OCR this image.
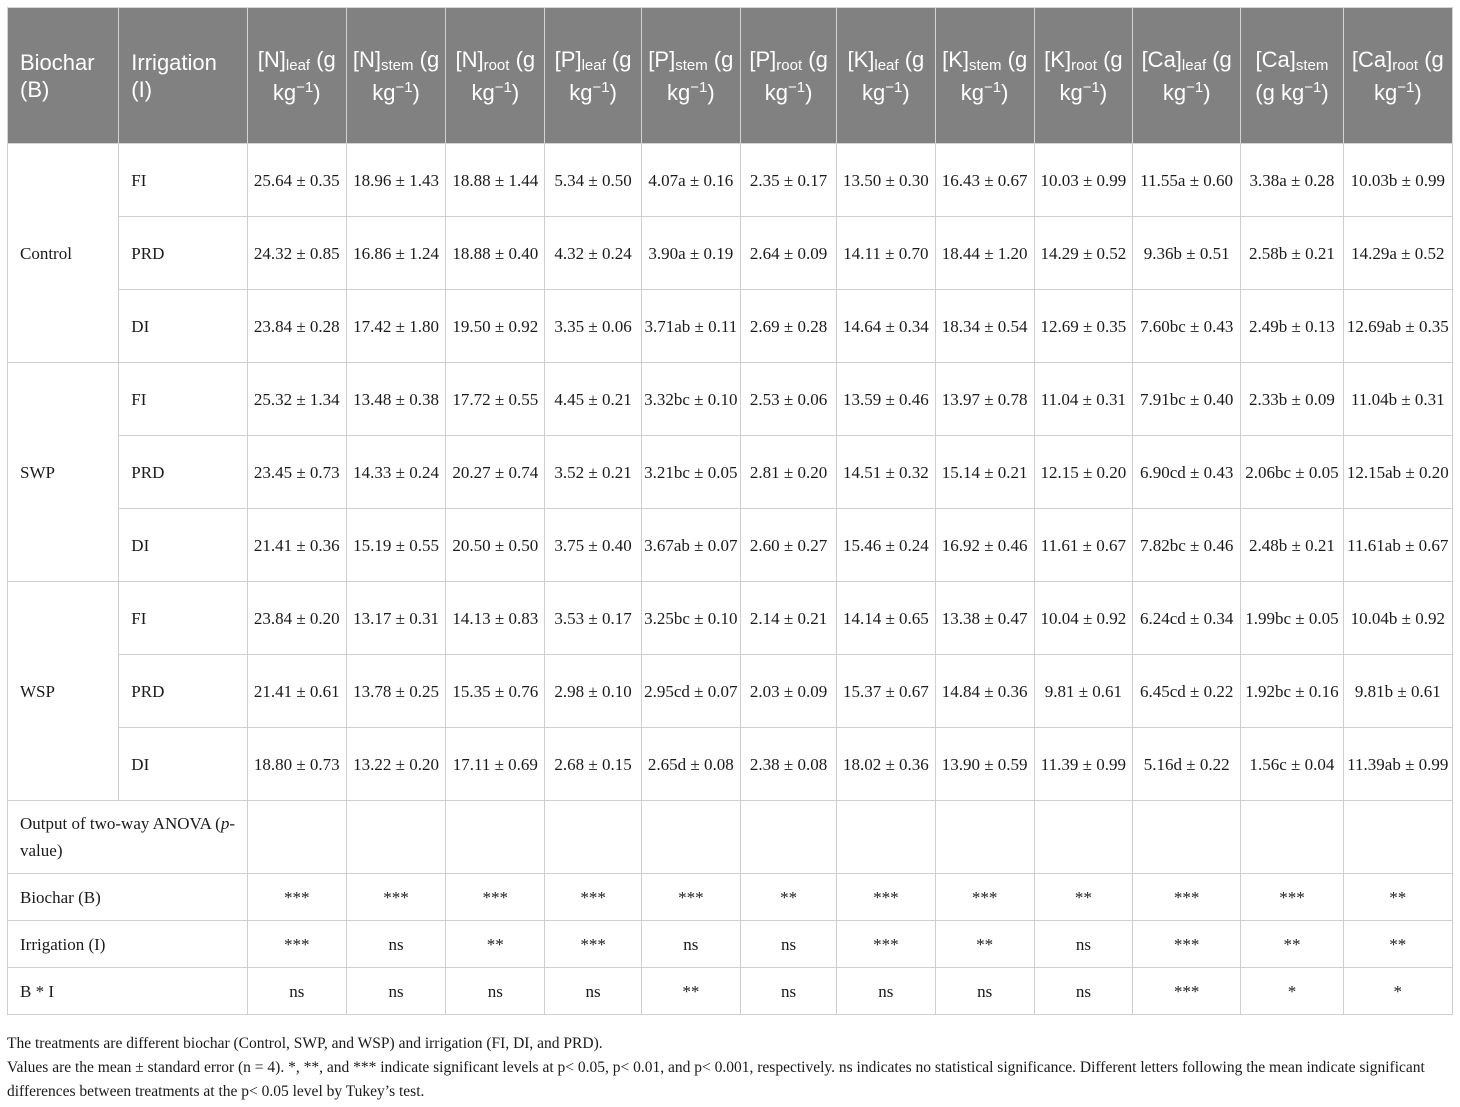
Biochar (B)	Irrigation (I)	$[N]_{leaf}$ (g $kg^{-1}$)	$[N]_{stem}$ (g $kg^{-1}$)	$[N]_{root}$ (g $kg^{-1}$)	$[P]_{leaf}$ (g $kg^{-1}$)	$[P]_{stem}$ (g $kg^{-1}$)	$[P]_{root}$ (g $kg^{-1}$)	$[K]_{leaf}$ (g $kg^{-1}$)	$[K]_{stem}$ (g $kg^{-1}$)	$[K]_{root}$ (g $kg^{-1}$)	$[Ca]_{leaf}$ (g $kg^{-1}$)	$[Ca]_{stem}$ (g $kg^{-1}$)	$[Ca]_{root}$ (g $kg^{-1}$)
Control	FI	25.64 ± 0.35	18.96 ± 1.43	18.88 ± 1.44	5.34 ± 0.50	4.07a ± 0.16	2.35 ± 0.17	13.50 ± 0.30	16.43 ± 0.67	10.03 ± 0.99	11.55a ± 0.60	3.38a ± 0.28	10.03b ± 0.99
	PRD	24.32 ± 0.85	16.86 ± 1.24	18.88 ± 0.40	4.32 ± 0.24	3.90a ± 0.19	2.64 ± 0.09	14.11 ± 0.70	18.44 ± 1.20	14.29 ± 0.52	9.36b ± 0.51	2.58b ± 0.21	14.29a ± 0.52
	DI	23.84 ± 0.28	17.42 ± 1.80	19.50 ± 0.92	3.35 ± 0.06	3.71ab ± 0.11	2.69 ± 0.28	14.64 ± 0.34	18.34 ± 0.54	12.69 ± 0.35	7.60bc ± 0.43	2.49b ± 0.13	12.69ab ± 0.35
SWP	FI	25.32 ± 1.34	13.48 ± 0.38	17.72 ± 0.55	4.45 ± 0.21	3.32bc ± 0.10	2.53 ± 0.06	13.59 ± 0.46	13.97 ± 0.78	11.04 ± 0.31	7.91bc ± 0.40	2.33b ± 0.09	11.04b ± 0.31
	PRD	23.45 ± 0.73	14.33 ± 0.24	20.27 ± 0.74	3.52 ± 0.21	3.21bc ± 0.05	2.81 ± 0.20	14.51 ± 0.32	15.14 ± 0.21	12.15 ± 0.20	6.90cd ± 0.43	2.06bc ± 0.05	12.15ab ± 0.20
	DI	21.41 ± 0.36	15.19 ± 0.55	20.50 ± 0.50	3.75 ± 0.40	3.67ab ± 0.07	2.60 ± 0.27	15.46 ± 0.24	16.92 ± 0.46	11.61 ± 0.67	7.82bc ± 0.46	2.48b ± 0.21	11.61ab ± 0.67
WSP	FI	23.84 ± 0.20	13.17 ± 0.31	14.13 ± 0.83	3.53 ± 0.17	3.25bc ± 0.10	2.14 ± 0.21	14.14 ± 0.65	13.38 ± 0.47	10.04 ± 0.92	6.24cd ± 0.34	1.99bc ± 0.05	10.04b ± 0.92
	PRD	21.41 ± 0.61	13.78 ± 0.25	15.35 ± 0.76	2.98 ± 0.10	2.95cd ± 0.07	2.03 ± 0.09	15.37 ± 0.67	14.84 ± 0.36	9.81 ± 0.61	6.45cd ± 0.22	1.92bc ± 0.16	9.81b ± 0.61
	DI	18.80 ± 0.73	13.22 ± 0.20	17.11 ± 0.69	2.68 ± 0.15	2.65d ± 0.08	2.38 ± 0.08	18.02 ± 0.36	13.90 ± 0.59	11.39 ± 0.99	5.16d ± 0.22	1.56c ± 0.04	11.39ab ± 0.99
Output of two-way ANOVA (p-value)													
Biochar (B)		***	***	***	***	***	**	***	***	**	***	***	**
Irrigation (I)		***	ns	**	***	ns	ns	***	**	ns	***	**	**
B * I		ns	ns	ns	ns	**	ns	ns	ns	ns	***	*	*

The treatments are different biochar (Control, SWP, and WSP) and irrigation (FI, DI, and PRD).

Values are the mean ± standard error (n = 4). *, **, and *** indicate significant levels at p< 0.05, p< 0.01, and p< 0.001, respectively. ns indicates no statistical significance. Different letters following the mean indicate significant differences between treatments at the p< 0.05 level by Tukey’s test.
